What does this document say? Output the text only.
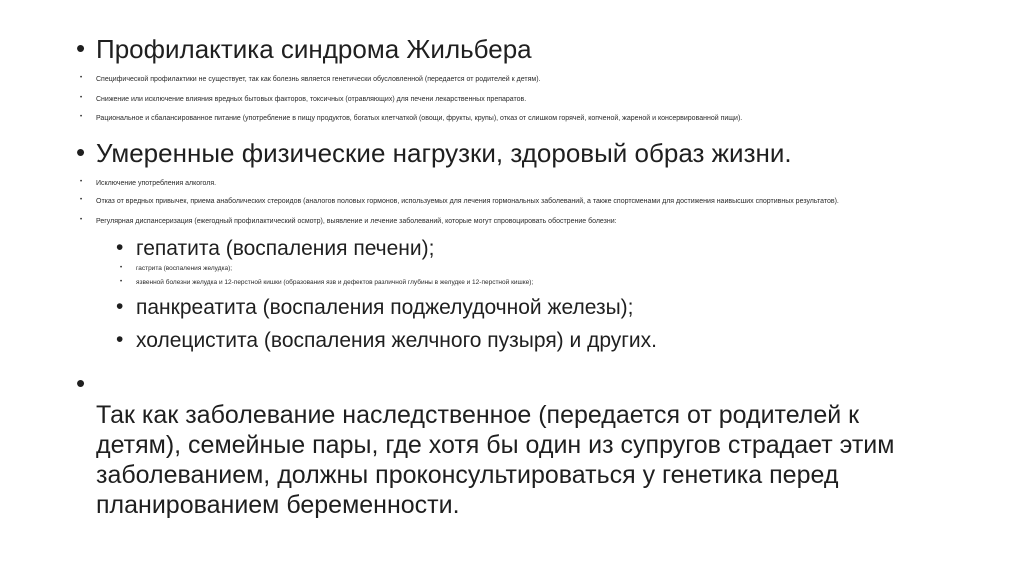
• Профилактика синдрома Жильбера
• Специфической профилактики не существует, так как болезнь является генетически обусловленной (передается от родителей к детям).
• Снижение или исключение влияния вредных бытовых факторов, токсичных (отравляющих) для печени лекарственных препаратов.
• Рациональное и сбалансированное питание (употребление в пищу продуктов, богатых клетчаткой (овощи, фрукты, крупы), отказ от слишком горячей, копченой, жареной и консервированной пищи).
• Умеренные физические нагрузки, здоровый образ жизни.
• Исключение употребления алкоголя.
• Отказ от вредных привычек, приема анаболических стероидов (аналогов половых гормонов, используемых для лечения гормональных заболеваний, а также спортсменами для достижения наивысших спортивных результатов).
• Регулярная диспансеризация (ежегодный профилактический осмотр), выявление и лечение заболеваний, которые могут спровоцировать обострение болезни:
• гепатита (воспаления печени);
• гастрита (воспаления желудка);
• язвенной болезни желудка и 12-перстной кишки (образования язв и дефектов различной глубины в желудке и 12-перстной кишке);
• панкреатита (воспаления поджелудочной железы);
• холецистита (воспаления желчного пузыря) и других.
•
Так как заболевание наследственное (передается от родителей к детям), семейные пары, где хотя бы один из супругов страдает этим заболеванием, должны проконсультироваться у генетика перед планированием беременности.
